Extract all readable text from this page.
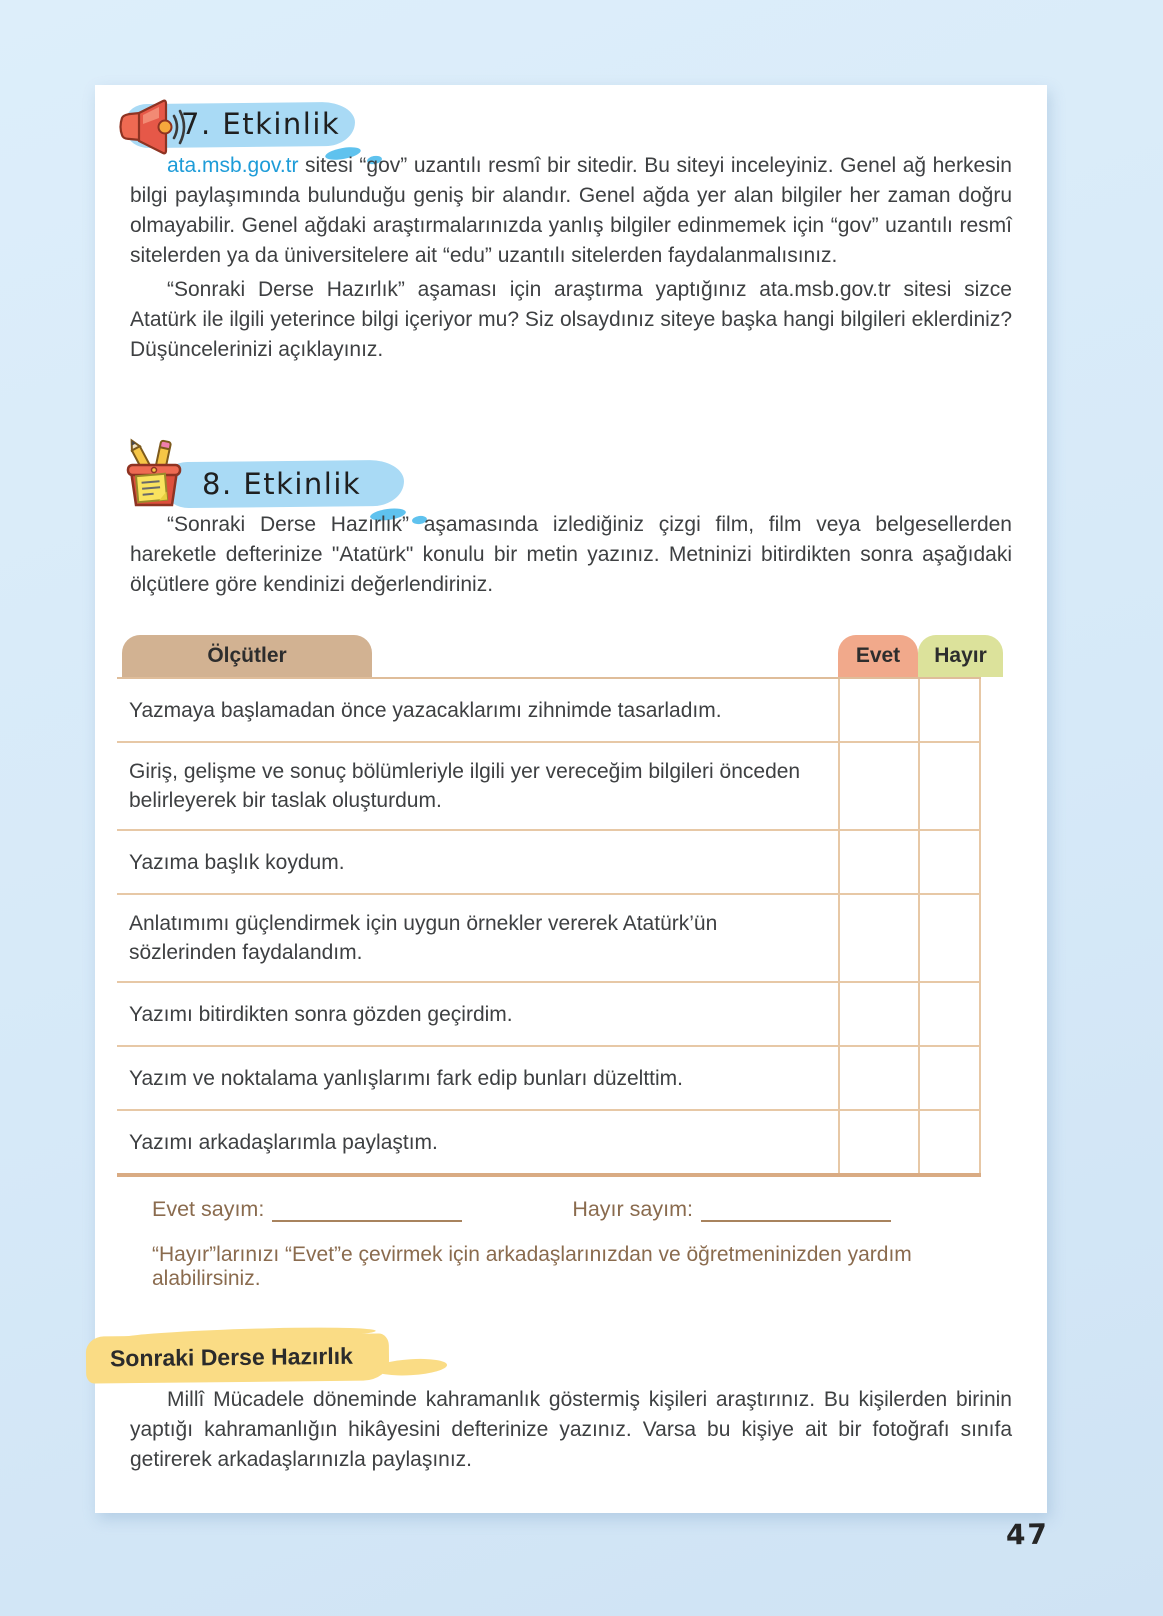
7. Etkinlik

ata.msb.gov.tr sitesi “gov” uzantılı resmî bir sitedir. Bu siteyi inceleyiniz. Genel ağ herkesin bilgi paylaşımında bulunduğu geniş bir alandır. Genel ağda yer alan bilgiler her zaman doğru olmayabilir. Genel ağdaki araştırmalarınızda yanlış bilgiler edinmemek için “gov” uzantılı resmî sitelerden ya da üniversitelere ait “edu” uzantılı sitelerden faydalanmalısınız.

“Sonraki Derse Hazırlık” aşaması için araştırma yaptığınız ata.msb.gov.tr sitesi sizce Atatürk ile ilgili yeterince bilgi içeriyor mu? Siz olsaydınız siteye başka hangi bilgileri eklerdiniz? Düşüncelerinizi açıklayınız.

8. Etkinlik

“Sonraki Derse Hazırlık” aşamasında izlediğiniz çizgi film, film veya belgesellerden hareketle defterinize "Atatürk" konulu bir metin yazınız. Metninizi bitirdikten sonra aşağıdaki ölçütlere göre kendinizi değerlendiriniz.

Ölçütler	Evet	Hayır
Yazmaya başlamadan önce yazacaklarımı zihnimde tasarladım.
Giriş, gelişme ve sonuç bölümleriyle ilgili yer vereceğim bilgileri önceden belirleyerek bir taslak oluşturdum.
Yazıma başlık koydum.
Anlatımımı güçlendirmek için uygun örnekler vererek Atatürk’ün sözlerinden faydalandım.
Yazımı bitirdikten sonra gözden geçirdim.
Yazım ve noktalama yanlışlarımı fark edip bunları düzelttim.
Yazımı arkadaşlarımla paylaştım.
Evet sayım:	Hayır sayım:

“Hayır”larınızı “Evet”e çevirmek için arkadaşlarınızdan ve öğretmeninizden yardım alabilirsiniz.

Sonraki Derse Hazırlık

Millî Mücadele döneminde kahramanlık göstermiş kişileri araştırınız. Bu kişilerden birinin yaptığı kahramanlığın hikâyesini defterinize yazınız. Varsa bu kişiye ait bir fotoğrafı sınıfa getirerek arkadaşlarınızla paylaşınız.

47
